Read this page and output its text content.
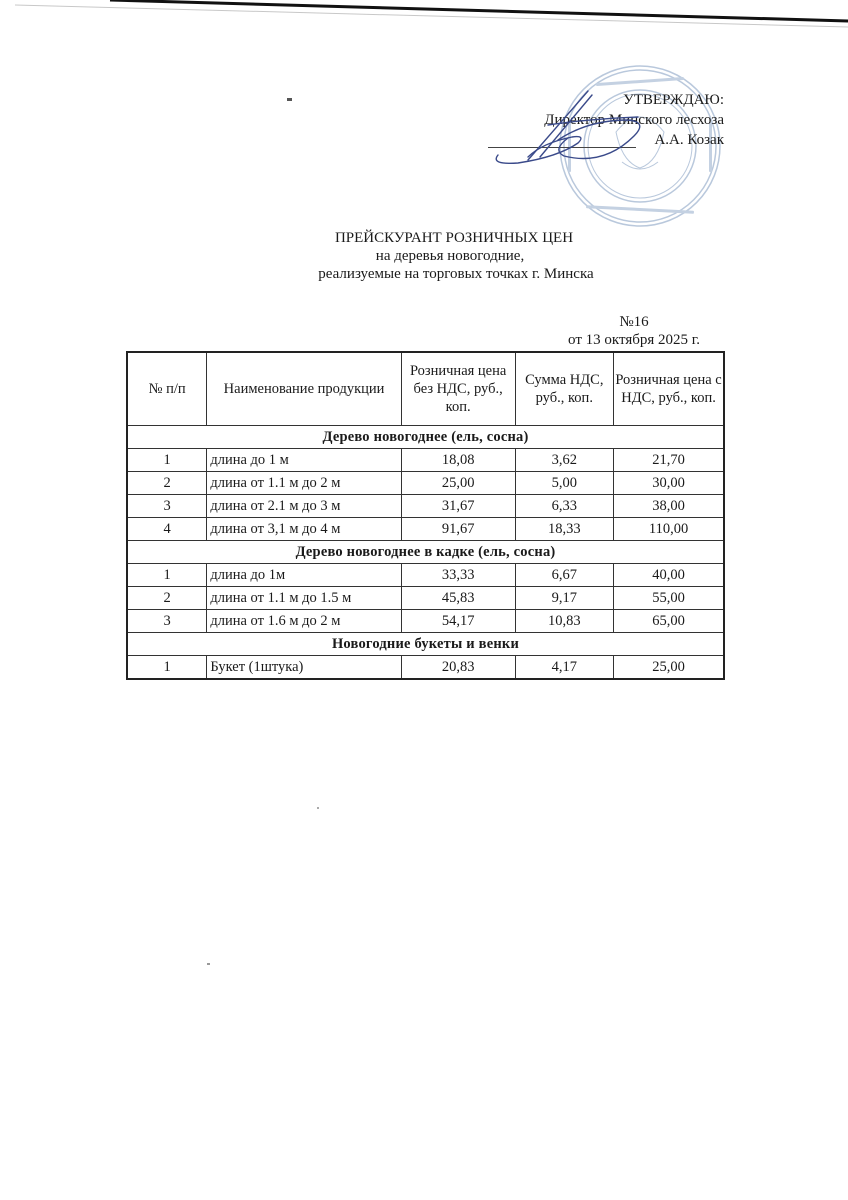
УТВЕРЖДАЮ:
Директор Минского лесхоза
А.А. Козак
ПРЕЙСКУРАНТ РОЗНИЧНЫХ ЦЕН
на деревья новогодние,
реализуемые на торговых точках г. Минска
№16
от 13 октября 2025 г.
№ п/п	Наименование продукции	Розничная цена без НДС, руб., коп.	Сумма НДС, руб., коп.	Розничная цена с НДС, руб., коп.
Дерево новогоднее (ель, сосна)				
1	длина до 1 м	18,08	3,62	21,70
2	длина от 1.1 м до 2 м	25,00	5,00	30,00
3	длина от 2.1 м до 3 м	31,67	6,33	38,00
4	длина от 3,1 м до 4 м	91,67	18,33	110,00
Дерево новогоднее в кадке (ель, сосна)				
1	длина до 1м	33,33	6,67	40,00
2	длина от 1.1 м до 1.5 м	45,83	9,17	55,00
3	длина от 1.6 м до 2 м	54,17	10,83	65,00
Новогодние букеты и венки				
1	Букет (1штука)	20,83	4,17	25,00
